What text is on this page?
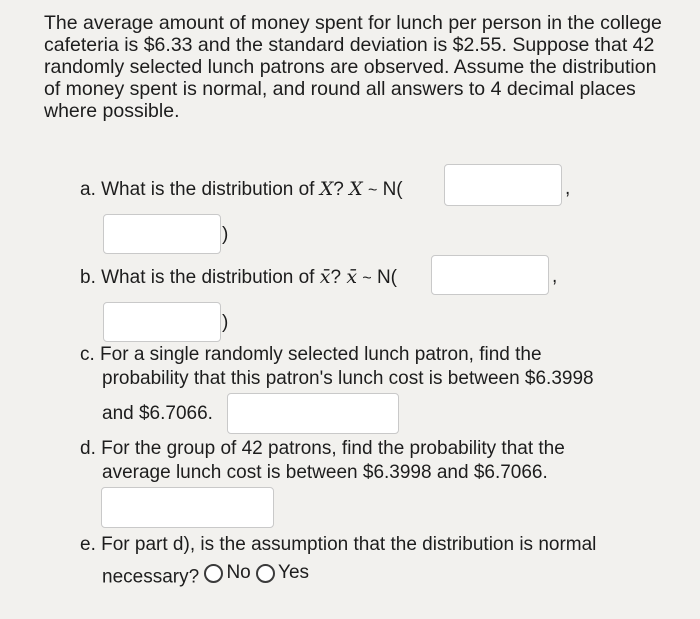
The average amount of money spent for lunch per person in the college cafeteria is $6.33 and the standard deviation is $2.55. Suppose that 42 randomly selected lunch patrons are observed. Assume the distribution of money spent is normal, and round all answers to 4 decimal places where possible.
a. What is the distribution of X? X ~ N(	,
)
b. What is the distribution of x̄? x̄ ~ N(	,
)
c. For a single randomly selected lunch patron, find the
probability that this patron's lunch cost is between $6.3998
and $6.7066.
d. For the group of 42 patrons, find the probability that the
average lunch cost is between $6.3998 and $6.7066.
e. For part d), is the assumption that the distribution is normal
necessary? No
Yes
